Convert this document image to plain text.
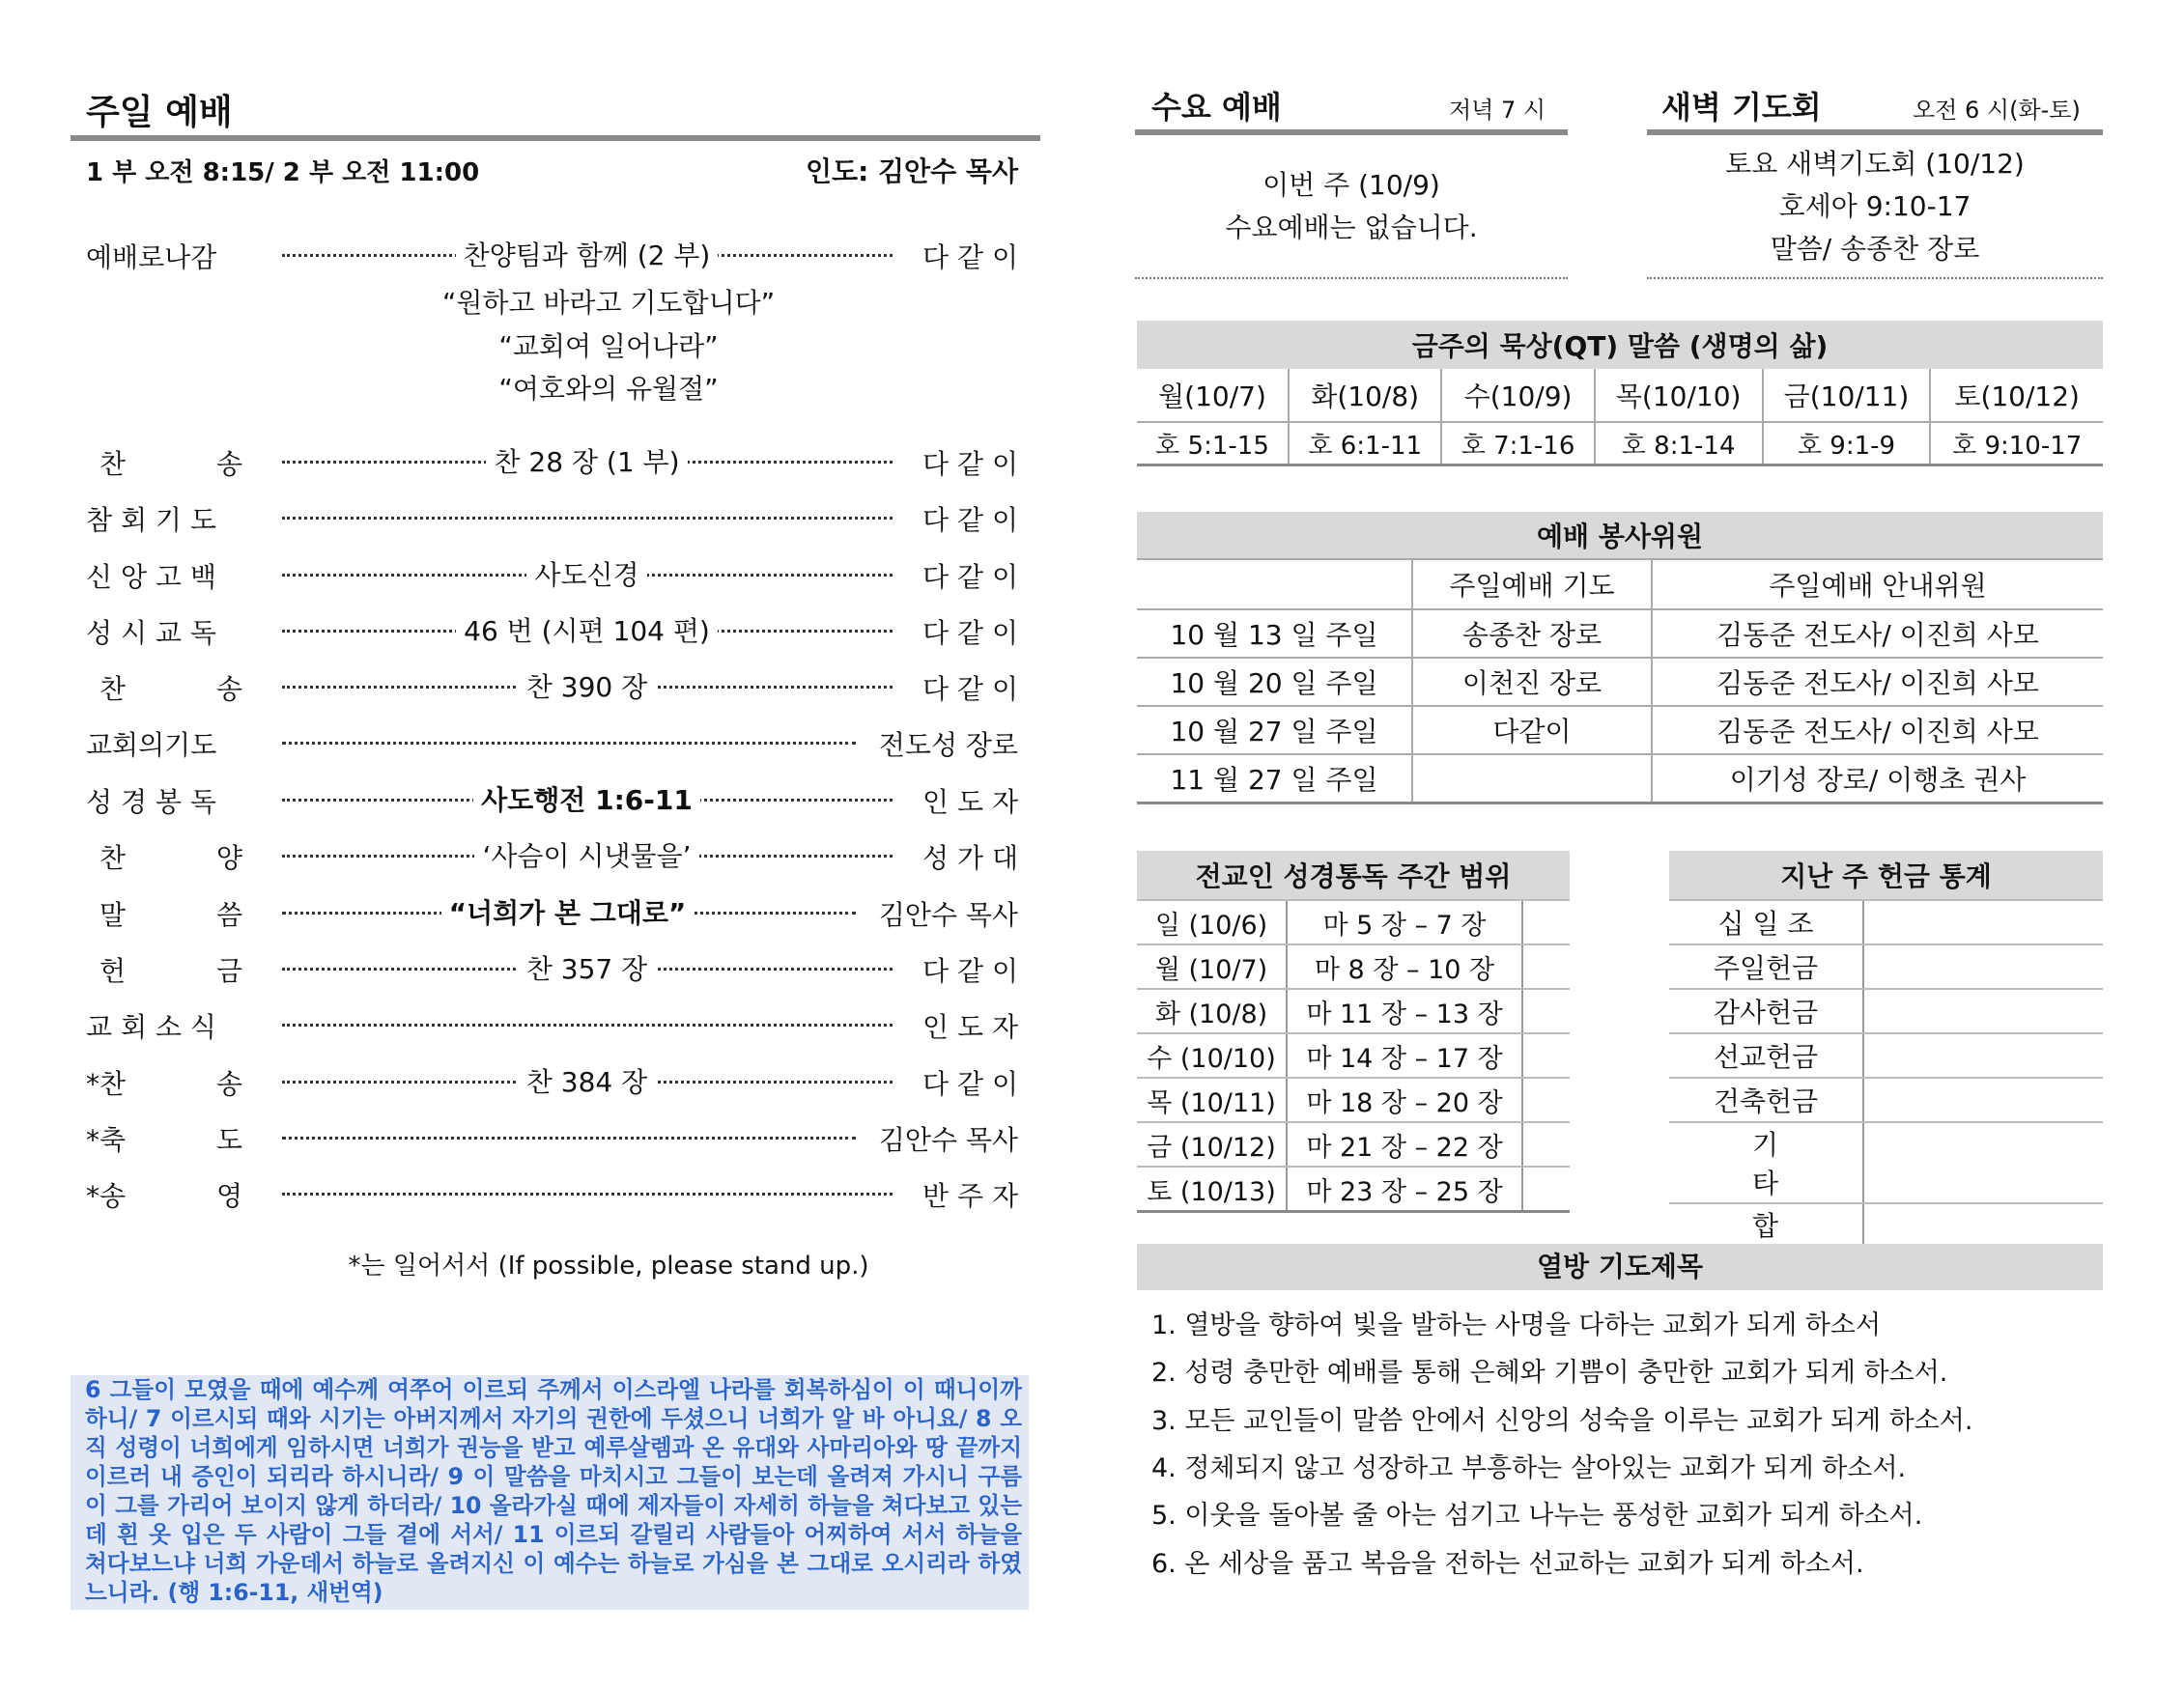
주일 예배
1 부 오전 8:15/ 2 부 오전 11:00	인도: 김안수 목사
예배로나감	찬양팀과 함께 (2 부)	다 같 이
“원하고 바라고 기도합니다”
“교회여 일어나라”
“여호와의 유월절”
찬	송	찬 28 장 (1 부)	다 같 이
참 회 기 도	다 같 이
신 앙 고 백	사도신경	다 같 이
성 시 교 독	46 번 (시편 104 편)	다 같 이
찬	송	찬 390 장	다 같 이
교회의기도	전도성 장로
성 경 봉 독	사도행전 1:6-11	인 도 자
찬	양	‘사슴이 시냇물을’	성 가 대
말	씀	“너희가 본 그대로”	김안수 목사
헌	금	찬 357 장	다 같 이
교 회 소 식	인 도 자
*찬	송	찬 384 장	다 같 이
*축	도	김안수 목사
*송	영	반 주 자
*는 일어서서 (If possible, please stand up.)
6 그들이 모였을 때에 예수께 여쭈어 이르되 주께서 이스라엘 나라를 회복하심이 이 때니이까 하니/ 7 이르시되 때와 시기는 아버지께서 자기의 권한에 두셨으니 너희가 알 바 아니요/ 8 오직 성령이 너희에게 임하시면 너희가 권능을 받고 예루살렘과 온 유대와 사마리아와 땅 끝까지 이르러 내 증인이 되리라 하시니라/ 9 이 말씀을 마치시고 그들이 보는데 올려져 가시니 구름이 그를 가리어 보이지 않게 하더라/ 10 올라가실 때에 제자들이 자세히 하늘을 쳐다보고 있는데 흰 옷 입은 두 사람이 그들 곁에 서서/ 11 이르되 갈릴리 사람들아 어찌하여 서서 하늘을 쳐다보느냐 너희 가운데서 하늘로 올려지신 이 예수는 하늘로 가심을 본 그대로 오시리라 하였느니라. (행 1:6-11, 새번역)
수요 예배	저녁 7 시
이번 주 (10/9)
수요예배는 없습니다.
새벽 기도회	오전 6 시(화-토)
토요 새벽기도회 (10/12)
호세아 9:10-17
말씀/ 송종찬 장로
금주의 묵상(QT) 말씀 (생명의 삶)					
월(10/7)	화(10/8)	수(10/9)	목(10/10)	금(10/11)	토(10/12)
호 5:1-15	호 6:1-11	호 7:1-16	호 8:1-14	호 9:1-9	호 9:10-17
예배 봉사위원		
	주일예배 기도	주일예배 안내위원
10 월 13 일 주일	송종찬 장로	김동준 전도사/ 이진희 사모
10 월 20 일 주일	이천진 장로	김동준 전도사/ 이진희 사모
10 월 27 일 주일	다같이	김동준 전도사/ 이진희 사모
11 월 27 일 주일		이기성 장로/ 이행초 권사
전교인 성경통독 주간 범위		
일 (10/6)	마 5 장 – 7 장	
월 (10/7)	마 8 장 – 10 장	
화 (10/8)	마 11 장 – 13 장	
수 (10/10)	마 14 장 – 17 장	
목 (10/11)	마 18 장 – 20 장	
금 (10/12)	마 21 장 – 22 장	
토 (10/13)	마 23 장 – 25 장	
지난 주 헌금 통계	
십 일 조	
주일헌금	
감사헌금	
선교헌금	
건축헌금	
기 타	
합	
열방 기도제목
1. 열방을 향하여 빛을 발하는 사명을 다하는 교회가 되게 하소서
2. 성령 충만한 예배를 통해 은혜와 기쁨이 충만한 교회가 되게 하소서.
3. 모든 교인들이 말씀 안에서 신앙의 성숙을 이루는 교회가 되게 하소서.
4. 정체되지 않고 성장하고 부흥하는 살아있는 교회가 되게 하소서.
5. 이웃을 돌아볼 줄 아는 섬기고 나누는 풍성한 교회가 되게 하소서.
6. 온 세상을 품고 복음을 전하는 선교하는 교회가 되게 하소서.
